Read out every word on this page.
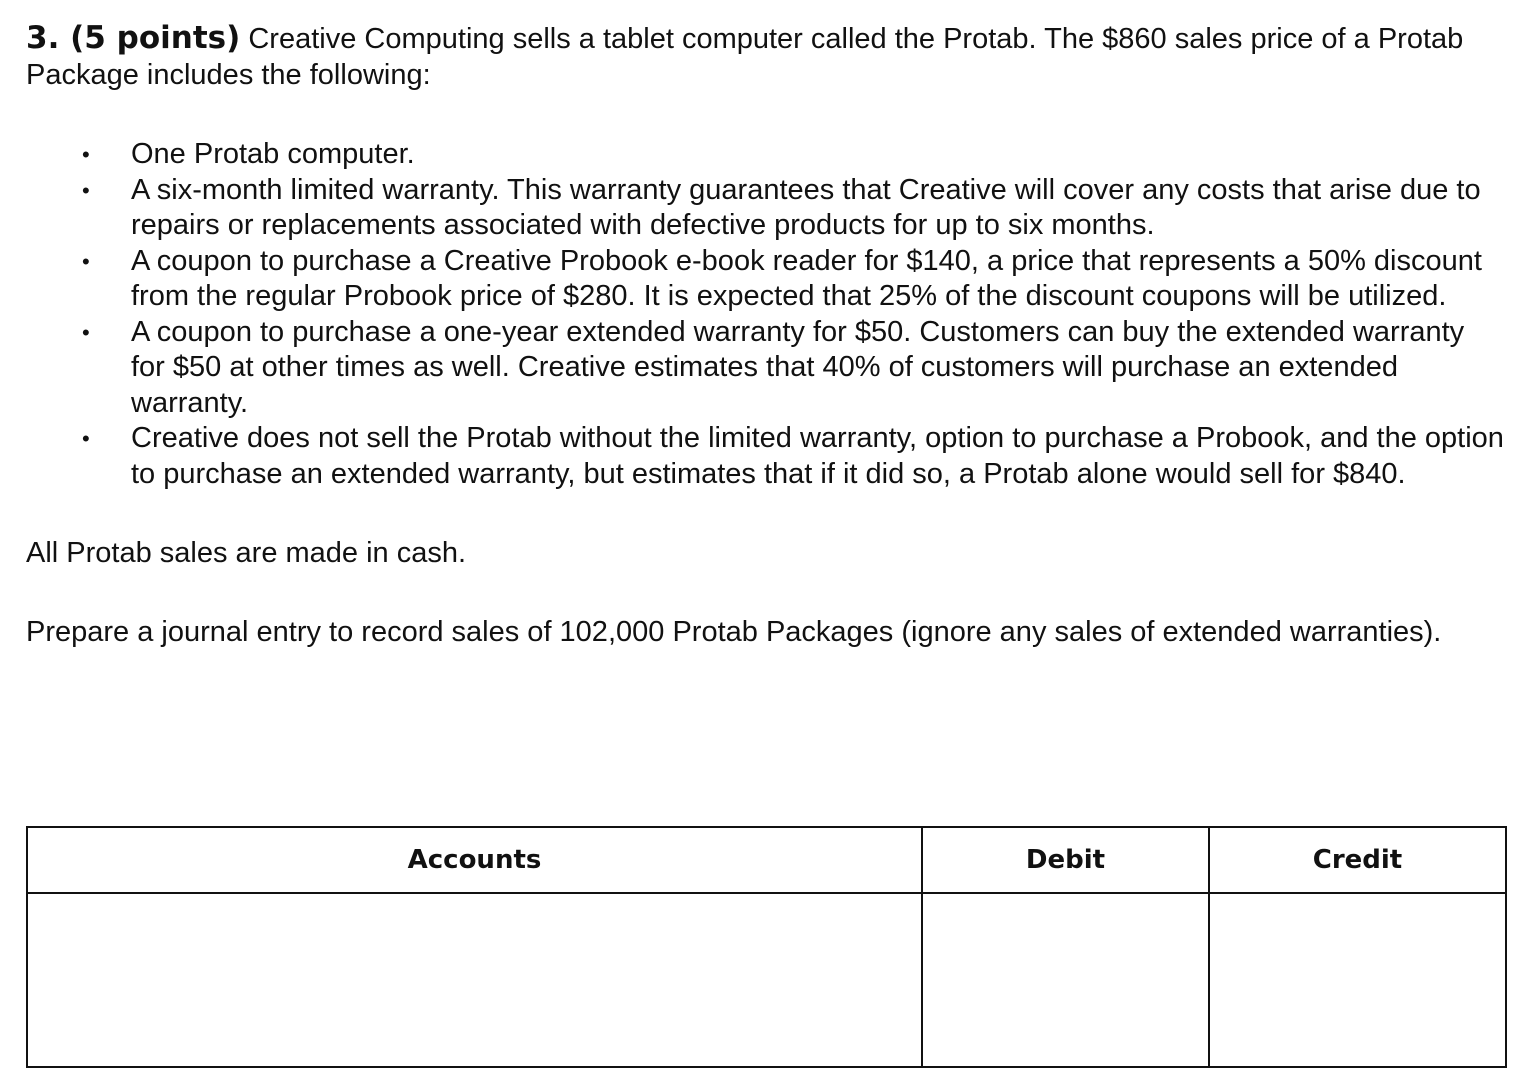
3. (5 points) Creative Computing sells a tablet computer called the Protab. The $860 sales price of a Protab Package includes the following:

• One Protab computer.
• A six-month limited warranty. This warranty guarantees that Creative will cover any costs that arise due to repairs or replacements associated with defective products for up to six months.
• A coupon to purchase a Creative Probook e-book reader for $140, a price that represents a 50% discount from the regular Probook price of $280. It is expected that 25% of the discount coupons will be utilized.
• A coupon to purchase a one-year extended warranty for $50. Customers can buy the extended warranty for $50 at other times as well. Creative estimates that 40% of customers will purchase an extended warranty.
• Creative does not sell the Protab without the limited warranty, option to purchase a Probook, and the option to purchase an extended warranty, but estimates that if it did so, a Protab alone would sell for $840.

All Protab sales are made in cash.

Prepare a journal entry to record sales of 102,000 Protab Packages (ignore any sales of extended warranties).

Accounts	Debit	Credit
